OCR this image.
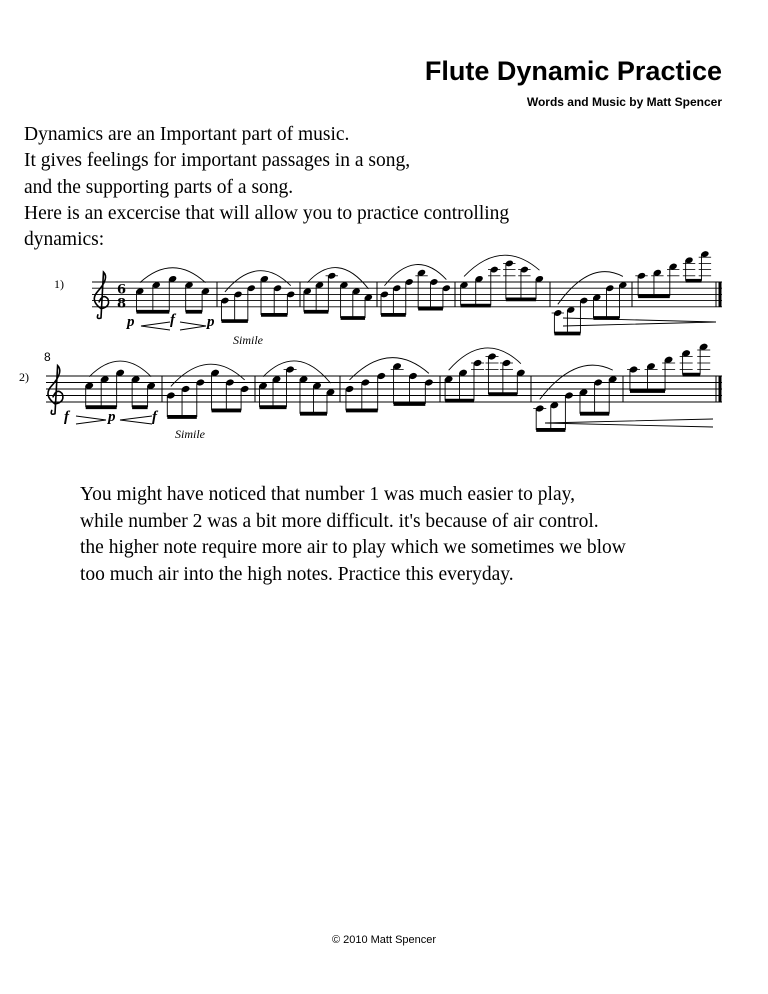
Flute Dynamic Practice
Words and Music by Matt Spencer
Dynamics are an Important part of music.
It gives feelings for important passages in a song,
and the supporting parts of a song.
Here is an excercise that will allow you to practice controlling
dynamics:
6
8
1)
p f p
Simile
8
2)
f	p f
Simile
You might have noticed that number 1 was much easier to play,
while number 2 was a bit more difficult. it's because of air control.
the higher note require more air to play which we sometimes we blow
too much air into the high notes. Practice this everyday.
© 2010 Matt Spencer
